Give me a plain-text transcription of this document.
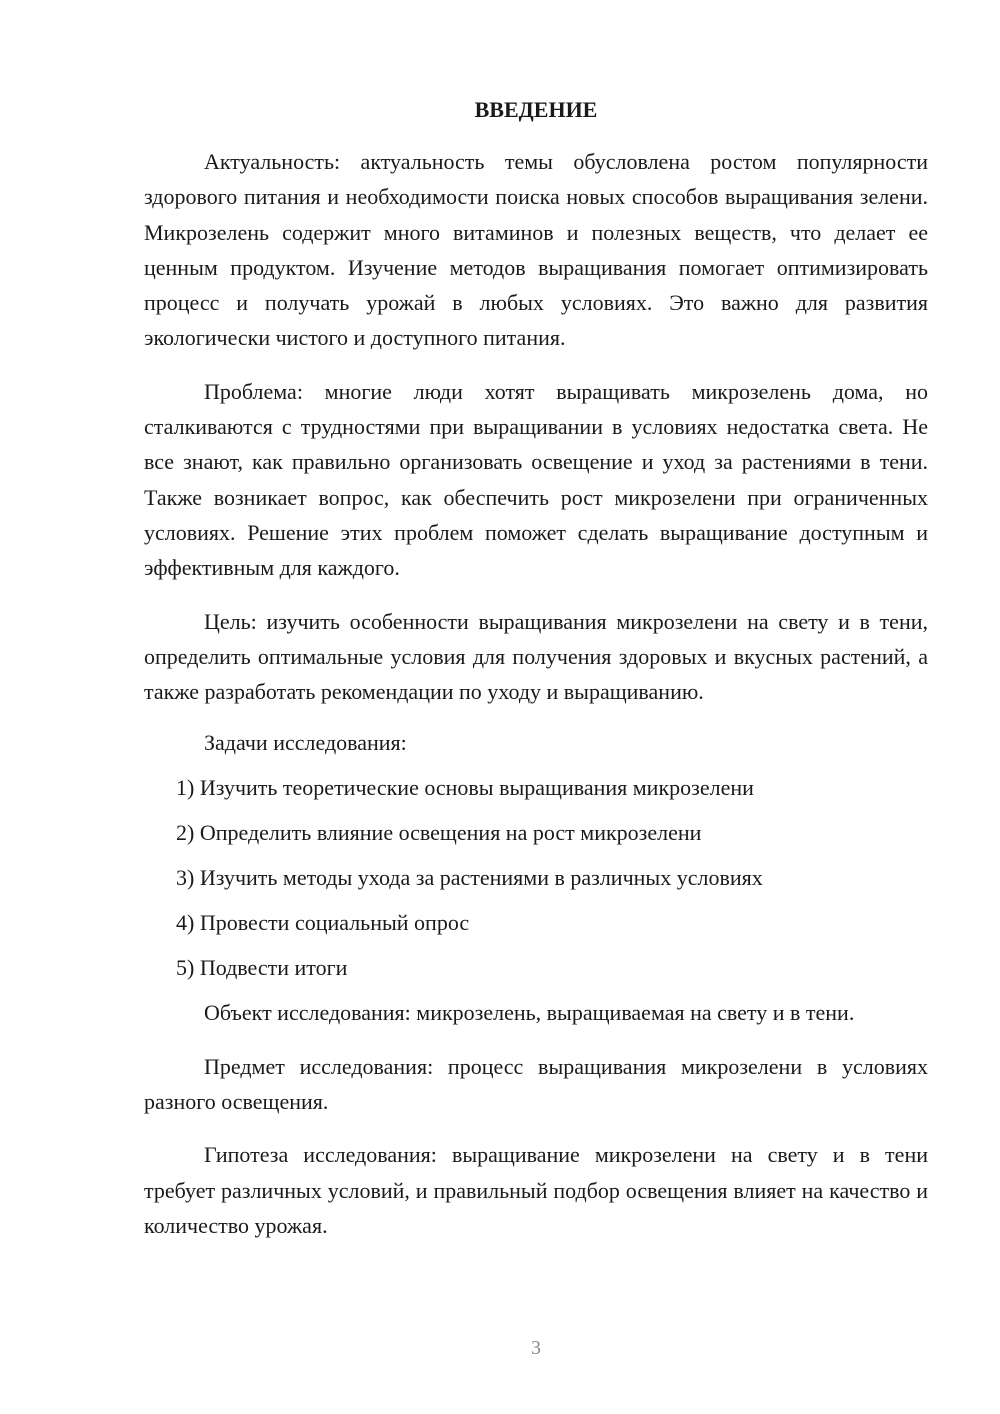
ВВЕДЕНИЕ

Актуальность: актуальность темы обусловлена ростом популярности здорового питания и необходимости поиска новых способов выращивания зелени. Микрозелень содержит много витаминов и полезных веществ, что делает ее ценным продуктом. Изучение методов выращивания помогает оптимизировать процесс и получать урожай в любых условиях. Это важно для развития экологически чистого и доступного питания.

Проблема: многие люди хотят выращивать микрозелень дома, но сталкиваются с трудностями при выращивании в условиях недостатка света. Не все знают, как правильно организовать освещение и уход за растениями в тени. Также возникает вопрос, как обеспечить рост микрозелени при ограниченных условиях. Решение этих проблем поможет сделать выращивание доступным и эффективным для каждого.

Цель: изучить особенности выращивания микрозелени на свету и в тени, определить оптимальные условия для получения здоровых и вкусных растений, а также разработать рекомендации по уходу и выращиванию.

Задачи исследования:

1) Изучить теоретические основы выращивания микрозелени
2) Определить влияние освещения на рост микрозелени
3) Изучить методы ухода за растениями в различных условиях
4) Провести социальный опрос
5) Подвести итоги

Объект исследования: микрозелень, выращиваемая на свету и в тени.

Предмет исследования: процесс выращивания микрозелени в условиях разного освещения.

Гипотеза исследования: выращивание микрозелени на свету и в тени требует различных условий, и правильный подбор освещения влияет на качество и количество урожая.

3
